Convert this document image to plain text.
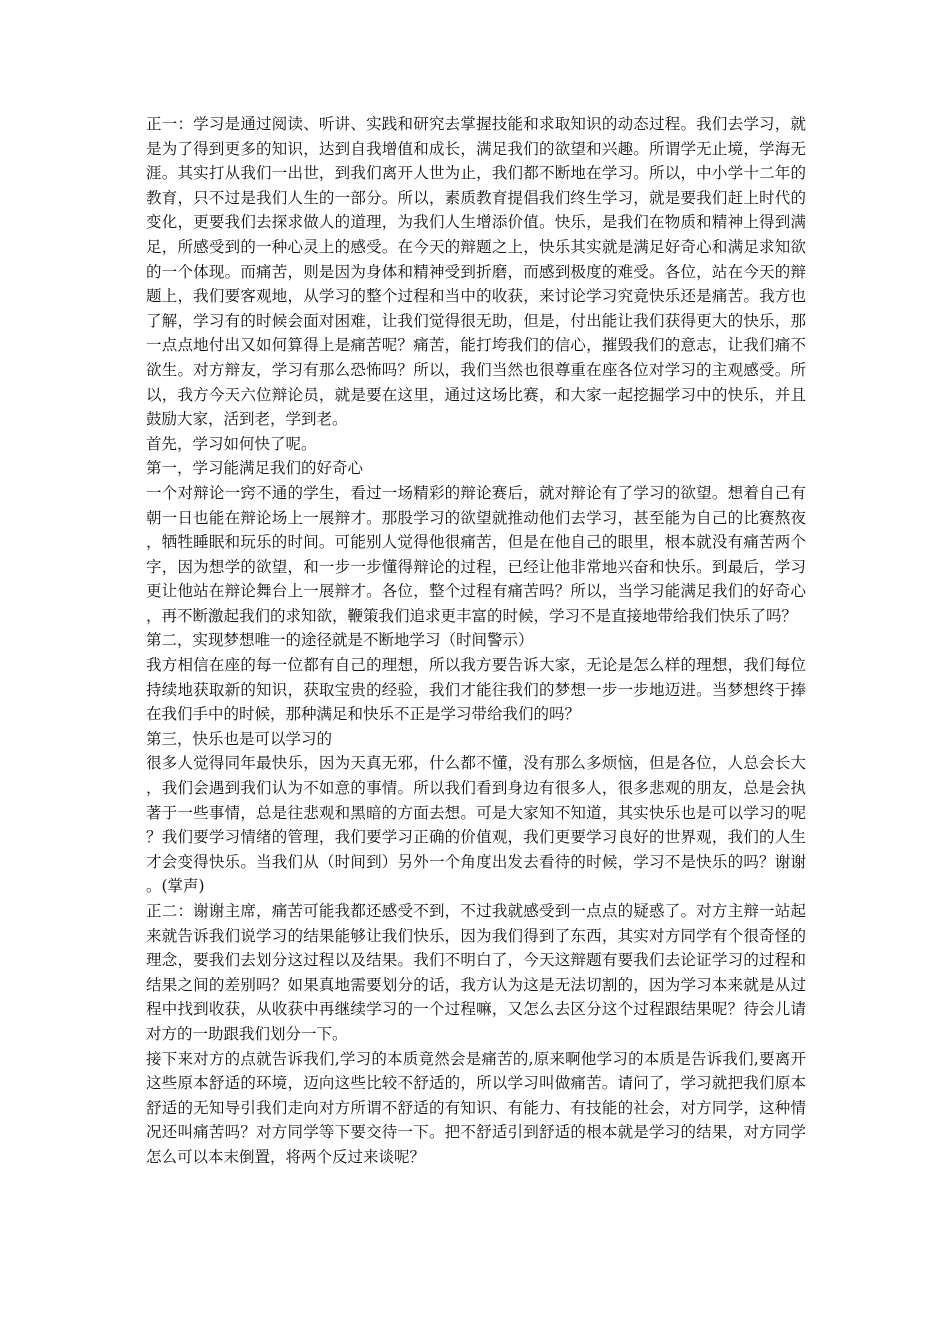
正一：学习是通过阅读、听讲、实践和研究去掌握技能和求取知识的动态过程。我们去学习，就是为了得到更多的知识，达到自我增值和成长，满足我们的欲望和兴趣。所谓学无止境，学海无涯。其实打从我们一出世，到我们离开人世为止，我们都不断地在学习。所以，中小学十二年的教育，只不过是我们人生的一部分。所以，素质教育提倡我们终生学习，就是要我们赶上时代的变化，更要我们去探求做人的道理，为我们人生增添价值。快乐，是我们在物质和精神上得到满足，所感受到的一种心灵上的感受。在今天的辩题之上，快乐其实就是满足好奇心和满足求知欲的一个体现。而痛苦，则是因为身体和精神受到折磨，而感到极度的难受。各位，站在今天的辩题上，我们要客观地，从学习的整个过程和当中的收获，来讨论学习究竟快乐还是痛苦。我方也了解，学习有的时候会面对困难，让我们觉得很无助，但是，付出能让我们获得更大的快乐，那一点点地付出又如何算得上是痛苦呢？痛苦，能打垮我们的信心，摧毁我们的意志，让我们痛不欲生。对方辩友，学习有那么恐怖吗？所以，我们当然也很尊重在座各位对学习的主观感受。所以，我方今天六位辩论员，就是要在这里，通过这场比赛，和大家一起挖掘学习中的快乐，并且鼓励大家，活到老，学到老。

首先，学习如何快了呢。

第一，学习能满足我们的好奇心

一个对辩论一窍不通的学生，看过一场精彩的辩论赛后，就对辩论有了学习的欲望。想着自己有朝一日也能在辩论场上一展辩才。那股学习的欲望就推动他们去学习，甚至能为自己的比赛熬夜，牺牲睡眠和玩乐的时间。可能别人觉得他很痛苦，但是在他自己的眼里，根本就没有痛苦两个字，因为想学的欲望，和一步一步懂得辩论的过程，已经让他非常地兴奋和快乐。到最后，学习更让他站在辩论舞台上一展辩才。各位，整个过程有痛苦吗？所以，当学习能满足我们的好奇心，再不断激起我们的求知欲，鞭策我们追求更丰富的时候，学习不是直接地带给我们快乐了吗？

第二，实现梦想唯一的途径就是不断地学习（时间警示）

我方相信在座的每一位都有自己的理想，所以我方要告诉大家，无论是怎么样的理想，我们每位持续地获取新的知识，获取宝贵的经验，我们才能往我们的梦想一步一步地迈进。当梦想终于捧在我们手中的时候，那种满足和快乐不正是学习带给我们的吗？

第三，快乐也是可以学习的

很多人觉得同年最快乐，因为天真无邪，什么都不懂，没有那么多烦恼，但是各位，人总会长大，我们会遇到我们认为不如意的事情。所以我们看到身边有很多人，很多悲观的朋友，总是会执著于一些事情，总是往悲观和黑暗的方面去想。可是大家知不知道，其实快乐也是可以学习的呢？我们要学习情绪的管理，我们要学习正确的价值观，我们更要学习良好的世界观，我们的人生才会变得快乐。当我们从（时间到）另外一个角度出发去看待的时候，学习不是快乐的吗？谢谢。(掌声)

正二：谢谢主席，痛苦可能我都还感受不到，不过我就感受到一点点的疑惑了。对方主辩一站起来就告诉我们说学习的结果能够让我们快乐，因为我们得到了东西，其实对方同学有个很奇怪的理念，要我们去划分这过程以及结果。我们不明白了，今天这辩题有要我们去论证学习的过程和结果之间的差别吗？如果真地需要划分的话，我方认为这是无法切割的，因为学习本来就是从过程中找到收获，从收获中再继续学习的一个过程嘛，又怎么去区分这个过程跟结果呢？待会儿请对方的一助跟我们划分一下。

接下来对方的点就告诉我们,学习的本质竟然会是痛苦的,原来啊他学习的本质是告诉我们,要离开这些原本舒适的环境，迈向这些比较不舒适的，所以学习叫做痛苦。请问了，学习就把我们原本舒适的无知导引我们走向对方所谓不舒适的有知识、有能力、有技能的社会，对方同学，这种情况还叫痛苦吗？对方同学等下要交待一下。把不舒适引到舒适的根本就是学习的结果，对方同学怎么可以本末倒置，将两个反过来谈呢？
